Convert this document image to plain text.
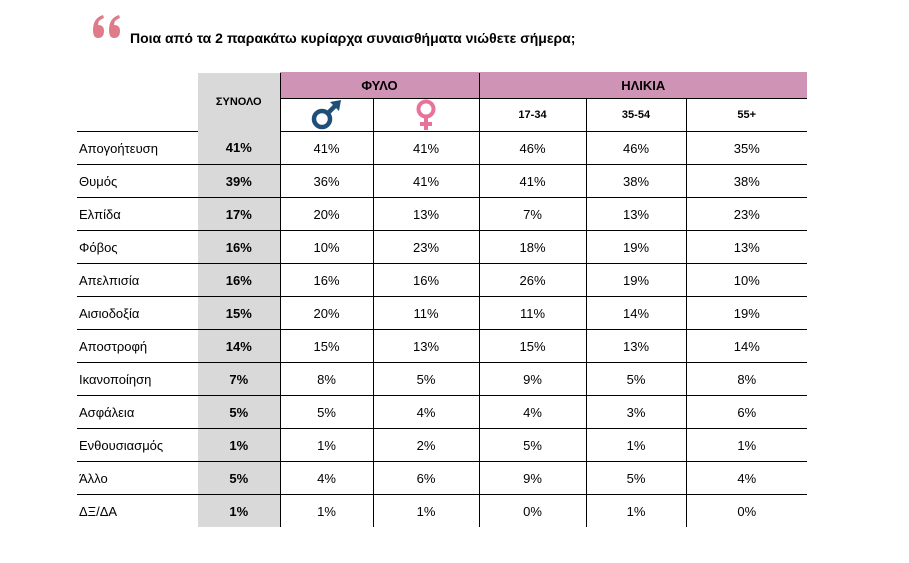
Ποια από τα 2 παρακάτω κυρίαρχα συναισθήματα νιώθετε σήμερα;
	ΣΥΝΟΛΟ	ΦΥΛΟ		ΗΛΙΚΙΑ		
			17-34	35-54	55+
Απογοήτευση	41%	41%	41%	46%	46%	35%
Θυμός	39%	36%	41%	41%	38%	38%
Ελπίδα	17%	20%	13%	7%	13%	23%
Φόβος	16%	10%	23%	18%	19%	13%
Απελπισία	16%	16%	16%	26%	19%	10%
Αισιοδοξία	15%	20%	11%	11%	14%	19%
Αποστροφή	14%	15%	13%	15%	13%	14%
Ικανοποίηση	7%	8%	5%	9%	5%	8%
Ασφάλεια	5%	5%	4%	4%	3%	6%
Ενθουσιασμός	1%	1%	2%	5%	1%	1%
Άλλο	5%	4%	6%	9%	5%	4%
ΔΞ/ΔΑ	1%	1%	1%	0%	1%	0%
